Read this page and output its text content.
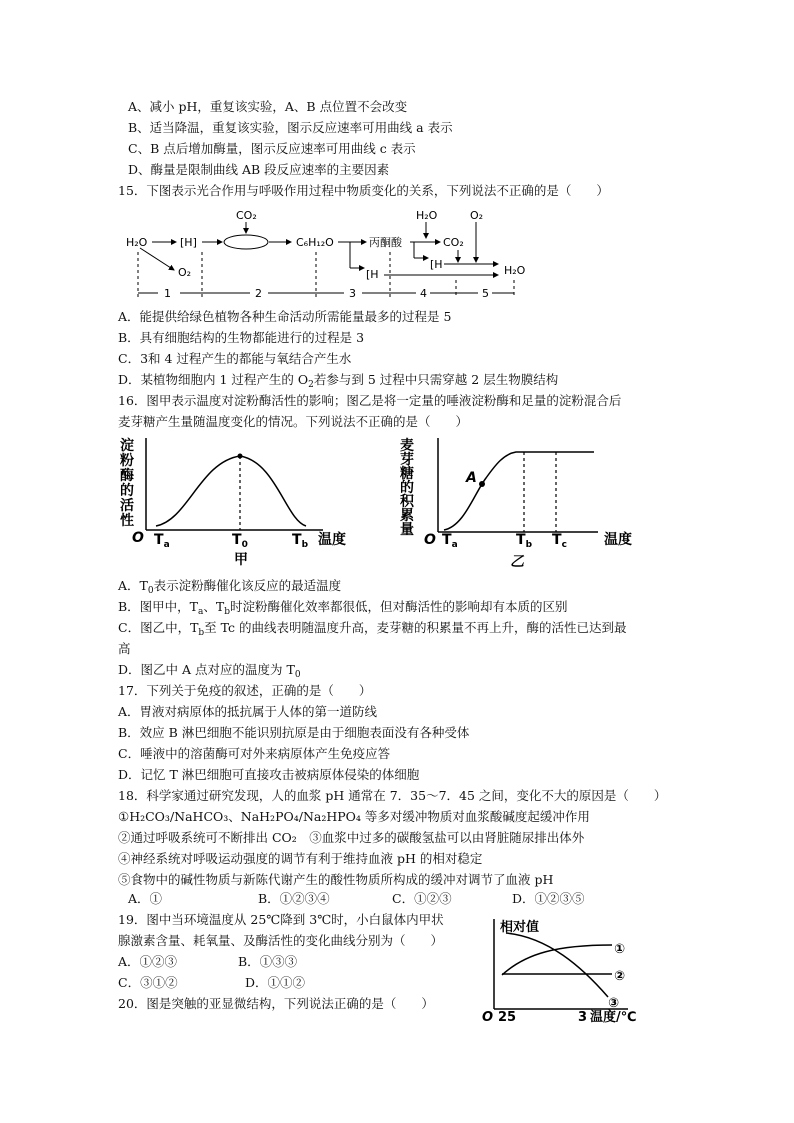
A、减小 pH，重复该实验，A、B 点位置不会改变
B、适当降温，重复该实验，图示反应速率可用曲线 a 表示
C、B 点后增加酶量，图示反应速率可用曲线 c 表示
D、酶量是限制曲线 AB 段反应速率的主要因素
15．下图表示光合作用与呼吸作用过程中物质变化的关系，下列说法不正确的是（　　）
H₂O	[H]
CO₂
O₂
C₆H₁₂O	丙酮酸
[H
[H
H₂O
CO₂
O₂
H₂O
1	2	3	4	5
A．能提供给绿色植物各种生命活动所需能量最多的过程是 5
B．具有细胞结构的生物都能进行的过程是 3
C．3和 4 过程产生的都能与氧结合产生水
D．某植物细胞内 1 过程产生的 $O_2$若参与到 5 过程中只需穿越 2 层生物膜结构
16．图甲表示温度对淀粉酶活性的影响；图乙是将一定量的唾液淀粉酶和足量的淀粉混合后
麦芽糖产生量随温度变化的情况。下列说法不正确的是（　　）
淀
粉
酶
的
活
性
O $T_a$	$T_0$	$T_b$ 温度
甲
麦
芽
糖
的
积
累
量
A
O $T_a$	$T_b$ $T_c$	温度
乙
A．$T_0$表示淀粉酶催化该反应的最适温度
B．图甲中，$T_a$、$T_b$时淀粉酶催化效率都很低，但对酶活性的影响却有本质的区别
C．图乙中，$T_b$至 Tc 的曲线表明随温度升高，麦芽糖的积累量不再上升，酶的活性已达到最
高
D．图乙中 A 点对应的温度为 $T_0$
17．下列关于免疫的叙述，正确的是（　　）
A．胃液对病原体的抵抗属于人体的第一道防线
B．效应 B 淋巴细胞不能识别抗原是由于细胞表面没有各种受体
C．唾液中的溶菌酶可对外来病原体产生免疫应答
D．记忆 T 淋巴细胞可直接攻击被病原体侵染的体细胞
18．科学家通过研究发现，人的血浆 pH 通常在 7．35～7．45 之间，变化不大的原因是（　　）
①H₂CO₃/NaHCO₃、NaH₂PO₄/Na₂HPO₄ 等多对缓冲物质对血浆酸碱度起缓冲作用
②通过呼吸系统可不断排出 CO₂　③血浆中过多的碳酸氢盐可以由肾脏随尿排出体外
④神经系统对呼吸运动强度的调节有利于维持血液 pH 的相对稳定
⑤食物中的碱性物质与新陈代谢产生的酸性物质所构成的缓冲对调节了血液 pH
A．①	B．①②③④	C．①②③	D．①②③⑤
19．图中当环境温度从 25℃降到 3℃时，小白鼠体内甲状
腺激素含量、耗氧量、及酶活性的变化曲线分别为（　　）
A．①②③	B．①③③
C．③①②	D．①①②
20．图是突触的亚显微结构，下列说法正确的是（　　）
相对值
①
②
③
O 25	3 温度/℃
